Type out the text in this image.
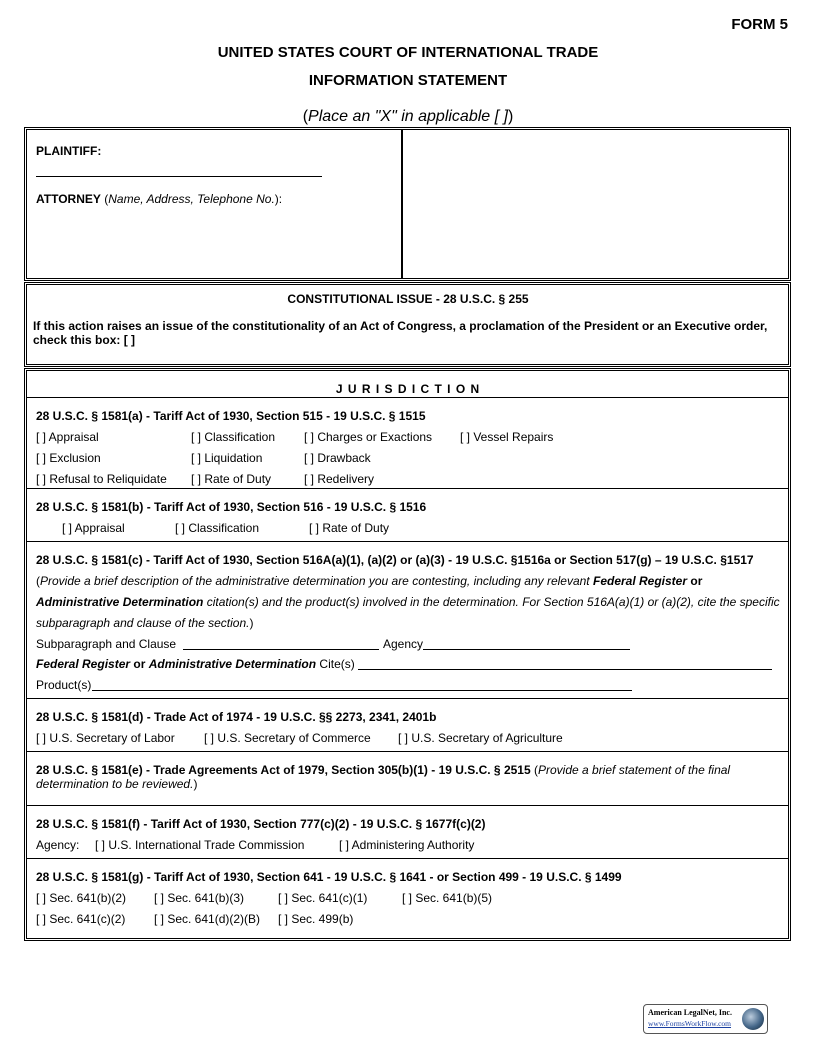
FORM 5
UNITED STATES COURT OF INTERNATIONAL TRADE
INFORMATION STATEMENT
(Place an "X" in applicable [ ])
PLAINTIFF:
ATTORNEY (Name, Address, Telephone No.):
CONSTITUTIONAL ISSUE - 28 U.S.C. § 255
If this action raises an issue of the constitutionality of an Act of Congress, a proclamation of the President or an Executive order, check this box: [ ]
J U R I S D I C T I O N
28 U.S.C. § 1581(a) - Tariff Act of 1930, Section 515 - 19 U.S.C. § 1515
[ ] Appraisal	[ ] Classification [ ] Charges or Exactions [ ] Vessel Repairs
[ ] Exclusion	[ ] Liquidation	[ ] Drawback
[ ] Refusal to Reliquidate [ ] Rate of Duty	[ ] Redelivery
28 U.S.C. § 1581(b) - Tariff Act of 1930, Section 516 - 19 U.S.C. § 1516
[ ] Appraisal	[ ] Classification	[ ] Rate of Duty
28 U.S.C. § 1581(c) - Tariff Act of 1930, Section 516A(a)(1), (a)(2) or (a)(3) - 19 U.S.C. §1516a or Section 517(g) – 19 U.S.C. §1517
(Provide a brief description of the administrative determination you are contesting, including any relevant Federal Register or
Administrative Determination citation(s) and the product(s) involved in the determination. For Section 516A(a)(1) or (a)(2), cite the specific
subparagraph and clause of the section.)
Subparagraph and Clause	Agency
Federal Register or Administrative Determination Cite(s)
Product(s)
28 U.S.C. § 1581(d) - Trade Act of 1974 - 19 U.S.C. §§ 2273, 2341, 2401b
[ ] U.S. Secretary of Labor [ ] U.S. Secretary of Commerce [ ] U.S. Secretary of Agriculture
28 U.S.C. § 1581(e) - Trade Agreements Act of 1979, Section 305(b)(1) - 19 U.S.C. § 2515 (Provide a brief statement of the final determination to be reviewed.)
28 U.S.C. § 1581(f) - Tariff Act of 1930, Section 777(c)(2) - 19 U.S.C. § 1677f(c)(2)
Agency: [ ] U.S. International Trade Commission	[ ] Administering Authority
28 U.S.C. § 1581(g) - Tariff Act of 1930, Section 641 - 19 U.S.C. § 1641 - or Section 499 - 19 U.S.C. § 1499
[ ] Sec. 641(b)(2) [ ] Sec. 641(b)(3)	[ ] Sec. 641(c)(1)	[ ] Sec. 641(b)(5)
[ ] Sec. 641(c)(2) [ ] Sec. 641(d)(2)(B) [ ] Sec. 499(b)
American LegalNet, Inc.
www.FormsWorkFlow.com
